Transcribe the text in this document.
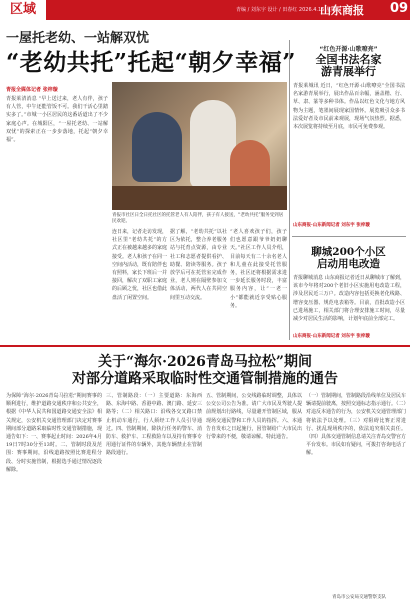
区域	青编 / 刘东宇 设计 / 田春红 2026.4.16 星期四
山东商报 09
一屋托老幼、一站解双忧
“老幼共托”托起“朝夕幸福”
青报全媒体记者 张梓璇
青报莱清消息 “早上送过来，老人有伴，孩子有人管，中午还能管饭不可。我们干活心里踏实多了。”市城一小区居民的这番话道出了不少家庭心声。在城阳区，“一屋托老幼、一站解双忧”的探索正在一步步落地，托起“朝夕幸福”。
青报市社区日全日托社区的托管老人有人陪伴，孩子有人接送，“老幼共托”服务受到居民欢迎。
连日来，记者走访发现，社区里“老幼共托”的方式正在被越来越多的家庭接受。老人和孩子在同一空间内活动，既有陪伴也有照料，家长下班后一并接回，解决了双职工家庭的后顾之忧，社区也借此盘活了闲置空间。
据了解，“老幼共托”以社区为依托，整合养老服务站与托育点资源，由专业社工和志愿者提供看护、助餐、陪读等服务。孩子放学后可在托管室完成作业，老人则在隔壁参加文体活动，两代人在共同空间里互动交流。
“老人喜欢孩子们，孩子们也愿意跟爷爷奶奶聊天。”社区工作人员介绍，目前每天有二十余名老人和儿童在此接受托管服务，社区还将根据需求进一步延长服务时段，丰富服务内容，让“一老一小”都能就近享受贴心服务。
“红色开源·山歌嘹亮”
全国书法名家
游青展举行
青报莱城讯 近日，“红色开源·山歌嘹亮”全国书法名家游青展举行，展出作品百余幅，涵盖楷、行、草、隶、篆等多种书体。作品以红色文化与地方风物为主题，笔墨间展现家国情怀。展览吸引众多书法爱好者及市民前来观展，现场气氛热烈。据悉，本次展览将持续至月底，市民可免费参观。
山东商报·山东新闻记者 刘东宇 张梓璇
聊城200个小区
启动用电改造
青报聊城消息 山东商报记者近日从聊城市了解到，该市今年将对200个老旧小区实施用电改造工程，涉及居民近三万户。改造内容包括更换老化线路、增容变压器、规范电表箱等。目前，首批改造小区已进场施工，相关部门将合理安排施工时间，尽量减少对居民生活的影响，计划年底前全部完工。
山东商报·山东新闻记者 刘东宇 张梓璇
关于“海尔·2026青岛马拉松”期间
对部分道路采取临时性交通管制措施的通告
为保障“海尔·2026青岛马拉松”期间赛事的顺利进行，维护道路交通秩序和公共安全，根据《中华人民共和国道路交通安全法》相关规定，公安机关交通管理部门决定对赛事期间部分道路采取临时性交通管制措施，现通告如下：一、赛事起止时间：2026年4月19日7时30分至13时。二、管制时段及范围：赛事期间，沿线道路按照比赛进程分段、分时实施管制，根据选手通过情况逐段解除。
三、管制路段：（一）主要道路：东海西路、东海中路、香港中路、澳门路、延安三路等；（二）相关路口：沿线各交叉路口禁止机动车通行，行人须经工作人员引导通过。四、管制期间，除执行任务的警车、消防车、救护车、工程救险车以及持有赛事专用通行证件的车辆外，其他车辆禁止在管制路段通行。
五、管制期间，公交线路临时调整，具体以公交公司公告为准。请广大市民及驾驶人提前规划出行路线，尽量避开管制区域，服从现场交通民警和工作人员的指挥。六、本通告自发布之日起施行，因管制给广大市民出行带来的不便，敬请谅解。特此通告。
（一）管制期间，管制路段沿线单位及居民车辆请提前驶离，按照交通标志指示通行。（二）对违反本通告的行为，公安机关交通管理部门将依法予以处理。（三）对阻碍比赛正常进行、扰乱现场秩序的，依法追究相关责任。（四）具体交通管制信息请关注青岛交警官方平台发布。市民如有疑问，可拨打咨询电话了解。
青岛市公安局交通警察支队
